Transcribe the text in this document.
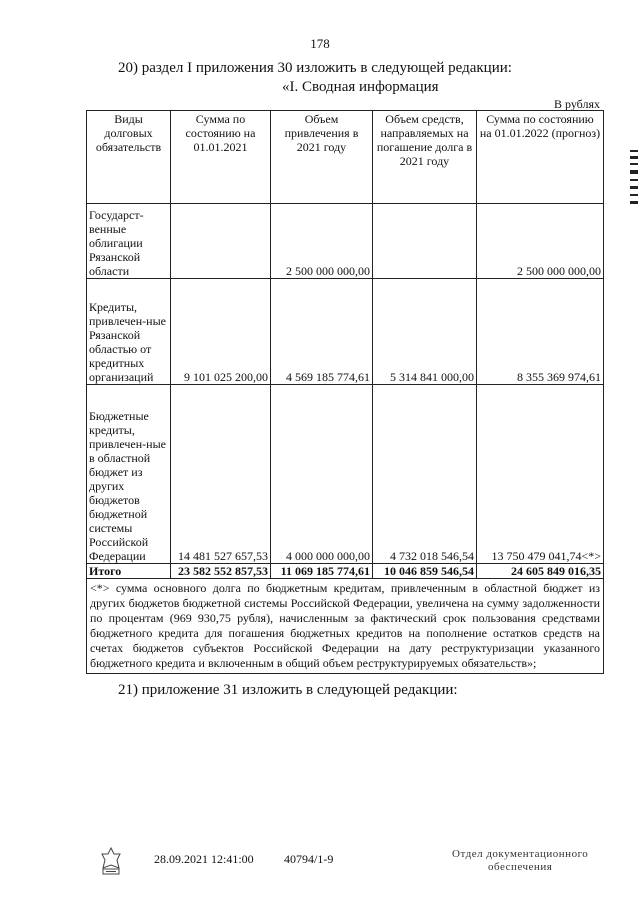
178
20) раздел I приложения 30 изложить в следующей редакции:
«I. Сводная информация
В рублях
Виды долговых обязательств	Сумма по состоянию на 01.01.2021	Объем привлечения в 2021 году	Объем средств, направляемых на погашение долга в 2021 году	Сумма по состоянию на 01.01.2022 (прогноз)
Государст-венные облигации Рязанской области		2 500 000 000,00		2 500 000 000,00
Кредиты, привлечен-ные Рязанской областью от кредитных организаций	9 101 025 200,00	4 569 185 774,61	5 314 841 000,00	8 355 369 974,61
Бюджетные кредиты, привлечен-ные в областной бюджет из других бюджетов бюджетной системы Российской Федерации	14 481 527 657,53	4 000 000 000,00	4 732 018 546,54	13 750 479 041,74<*>
Итого	23 582 552 857,53	11 069 185 774,61	10 046 859 546,54	24 605 849 016,35
<*> сумма основного долга по бюджетным кредитам, привлеченным в областной бюджет из других бюджетов бюджетной системы Российской Федерации, увеличена на сумму задолженности по процентам (969 930,75 рубля), начисленным за фактический срок пользования средствами бюджетного кредита для погашения бюджетных кредитов на пополнение остатков средств на счетах бюджетов субъектов Российской Федерации на дату реструктуризации указанного бюджетного кредита и включенным в общий объем реструктурируемых обязательств»;				
21) приложение 31 изложить в следующей редакции:
28.09.2021 12:41:00	40794/1-9	Отдел документационного
обеспечения
